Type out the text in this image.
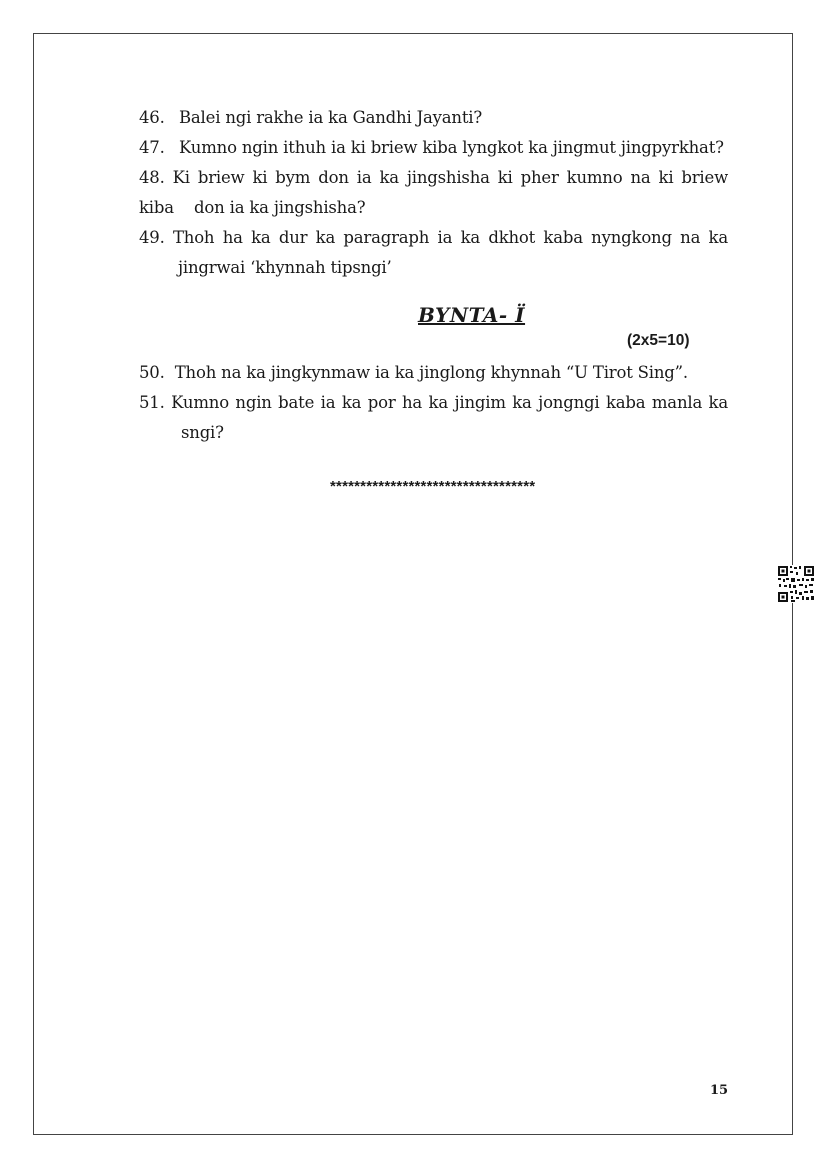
46. Balei ngi rakhe ia ka Gandhi Jayanti?
47. Kumno ngin ithuh ia ki briew kiba lyngkot ka jingmut jingpyrkhat?
48. Ki briew ki bym don ia ka jingshisha ki pher kumno na ki briew
kiba    don ia ka jingshisha?
49. Thoh ha ka dur ka paragraph ia ka dkhot kaba nyngkong na ka
jingrwai ‘khynnah tipsngi’
BYNTA- Ï
(2x5=10)
50. Thoh na ka jingkynmaw ia ka jinglong khynnah “U Tirot Sing”.
51. Kumno ngin bate ia ka por ha ka jingim ka jongngi kaba manla ka
sngi?
**********************************
15
